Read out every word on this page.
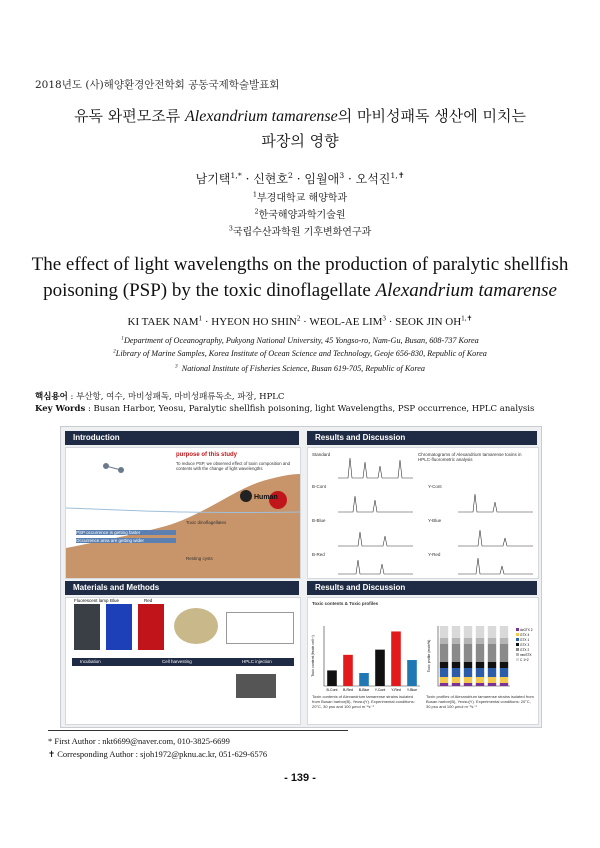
2018년도 (사)해양환경안전학회 공동국제학술발표회
유독 와편모조류 Alexandrium tamarense의 마비성패독 생산에 미치는
파장의 영향
남기택$^{1,*}$ · 신현호$^2$ · 임월애$^3$ · 오석진$^{1,✝}$
$^1$부경대학교 해양학과
$^2$한국해양과학기술원
$^3$국립수산과학원 기후변화연구과
The effect of light wavelengths on the production of paralytic shellfish
poisoning (PSP) by the toxic dinoflagellate Alexandrium tamarense
KI TAEK $NAM^1$ · HYEON HO $SHIN^2$ · WEOL-AE $LIM^3$ · SEOK JIN $OH^{1,✝}$
$^1$Department of Oceanography, Pukyong National University, 45 Yongso-ro, Nam-Gu, Busan, 608-737 Korea
$^2$Library of Marine Samples, Korea Institute of Ocean Science and Technology, Geoje 656-830, Republic of Korea
$^3$ National Institute of Fisheries Science, Busan 619-705, Republic of Korea
핵심용어 : 부산항, 여수, 마비성패독, 마비성패류독소, 파장, HPLC
Key Words : Busan Harbor, Yeosu, Paralytic shellfish poisoning, light Wavelengths, PSP occurrence, HPLC analysis
Introduction	Results and Discussion
purpose of this study
To reduce PSP, we observed effect of toxin composition and contents with the change of light wavelengths
Human
PSP occurrence is getting faster
Occurrence area are getting wider
Toxic dinoflagellates
Resting cysts
Chromatograms of Alexandrium tamarense toxins in HPLC-fluorometric analysis
Standard
B-Cont	Y-Cont
B-Blue	Y-Blue
B-Red	Y-Red
Materials and Methods	Results and Discussion
Fluorescent lamp Blue	Red
Incubation	Cell harvesting	HPLC injection
Toxic contents & Toxic profiles
B-Cont B-Red B-Blue Y-Cont Y-Red Y-Blue
Toxic content (fmole cell⁻¹)	Toxic profile (mole%)
dcGTX 2
GTX 4
GTX 1
GTX 3
GTX 2
neoSTX
C 1+2
Toxin contents of Alexandrium tamarense strains isolated from Busan harbor(B), Yeosu(Y). Experimental conditions: 20°C, 30 psu and 100 μmol m⁻²s⁻¹
Toxin profiles of Alexandrium tamarense strains isolated from Busan harbor(B), Yeosu(Y). Experimental conditions: 20°C, 30 psu and 100 μmol m⁻²s⁻¹
* First Author : nkt6699@naver.com, 010-3825-6699
✝ Corresponding Author : sjoh1972@pknu.ac.kr, 051-629-6576
- 139 -
